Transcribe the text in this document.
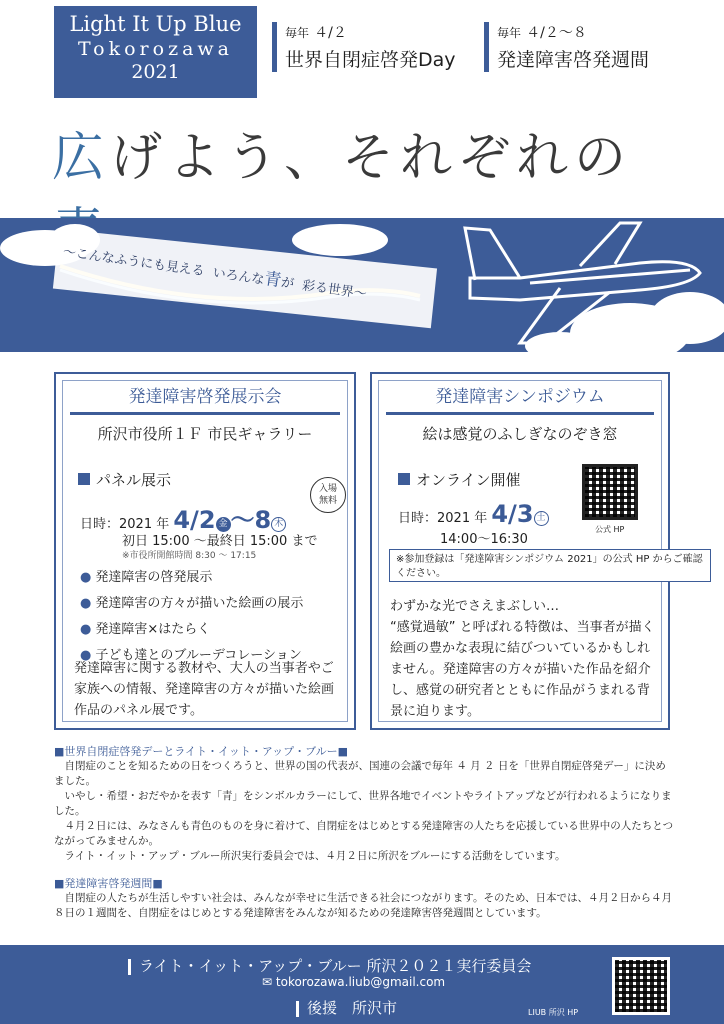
Light It Up Blue
Tokorozawa
2021
毎年 ４/２
世界自閉症啓発Day
毎年 ４/２～８
発達障害啓発週間
広げよう、それぞれの
～こんなふうにも見える いろんな青が 彩る世界～
発達障害啓発展示会
所沢市役所１Ｆ 市民ギャラリー
パネル展示	入場
無料
日時：2021 年 4/2 金 ～8 木
初日 15:00 ～最終日 15:00 まで
※市役所開館時間 8:30 ～ 17:15
● 発達障害の啓発展示
● 発達障害の方々が描いた絵画の展示
● 発達障害×はたらく
● 子ども達とのブルーデコレーション
発達障害に関する教材や、大人の当事者やご家族への情報、発達障害の方々が描いた絵画作品のパネル展です。
発達障害シンポジウム
絵は感覚のふしぎなのぞき窓
オンライン開催
公式 HP
日時：2021 年 4/3 土
14:00～16:30
※参加登録は「発達障害シンポジウム 2021」の公式 HP からご確認ください。
わずかな光でさえまぶしい…
“感覚過敏” と呼ばれる特徴は、当事者が描く絵画の豊かな表現に結びついているかもしれません。発達障害の方々が描いた作品を紹介し、感覚の研究者とともに作品がうまれる背景に迫ります。
■世界自閉症啓発デーとライト・イット・アップ・ブルー■

自閉症のことを知るための日をつくろうと、世界の国の代表が、国連の会議で毎年 ４ 月 ２ 日を「世界自閉症啓発デー」に決めました。

いやし・希望・おだやかを表す「青」をシンボルカラーにして、世界各地でイベントやライトアップなどが行われるようになりました。

４月２日には、みなさんも青色のものを身に着けて、自閉症をはじめとする発達障害の人たちを応援している世界中の人たちとつながってみませんか。

ライト・イット・アップ・ブルー所沢実行委員会では、４月２日に所沢をブルーにする活動をしています。

■発達障害啓発週間■

自閉症の人たちが生活しやすい社会は、みんなが幸せに生活できる社会につながります。そのため、日本では、４月２日から４月８日の１週間を、自閉症をはじめとする発達障害をみんなが知るための発達障害啓発週間としています。

ライト・イット・アップ・ブルー 所沢２０２１実行委員会
✉ tokorozawa.liub@gmail.com
後援　所沢市	LIUB 所沢 HP
